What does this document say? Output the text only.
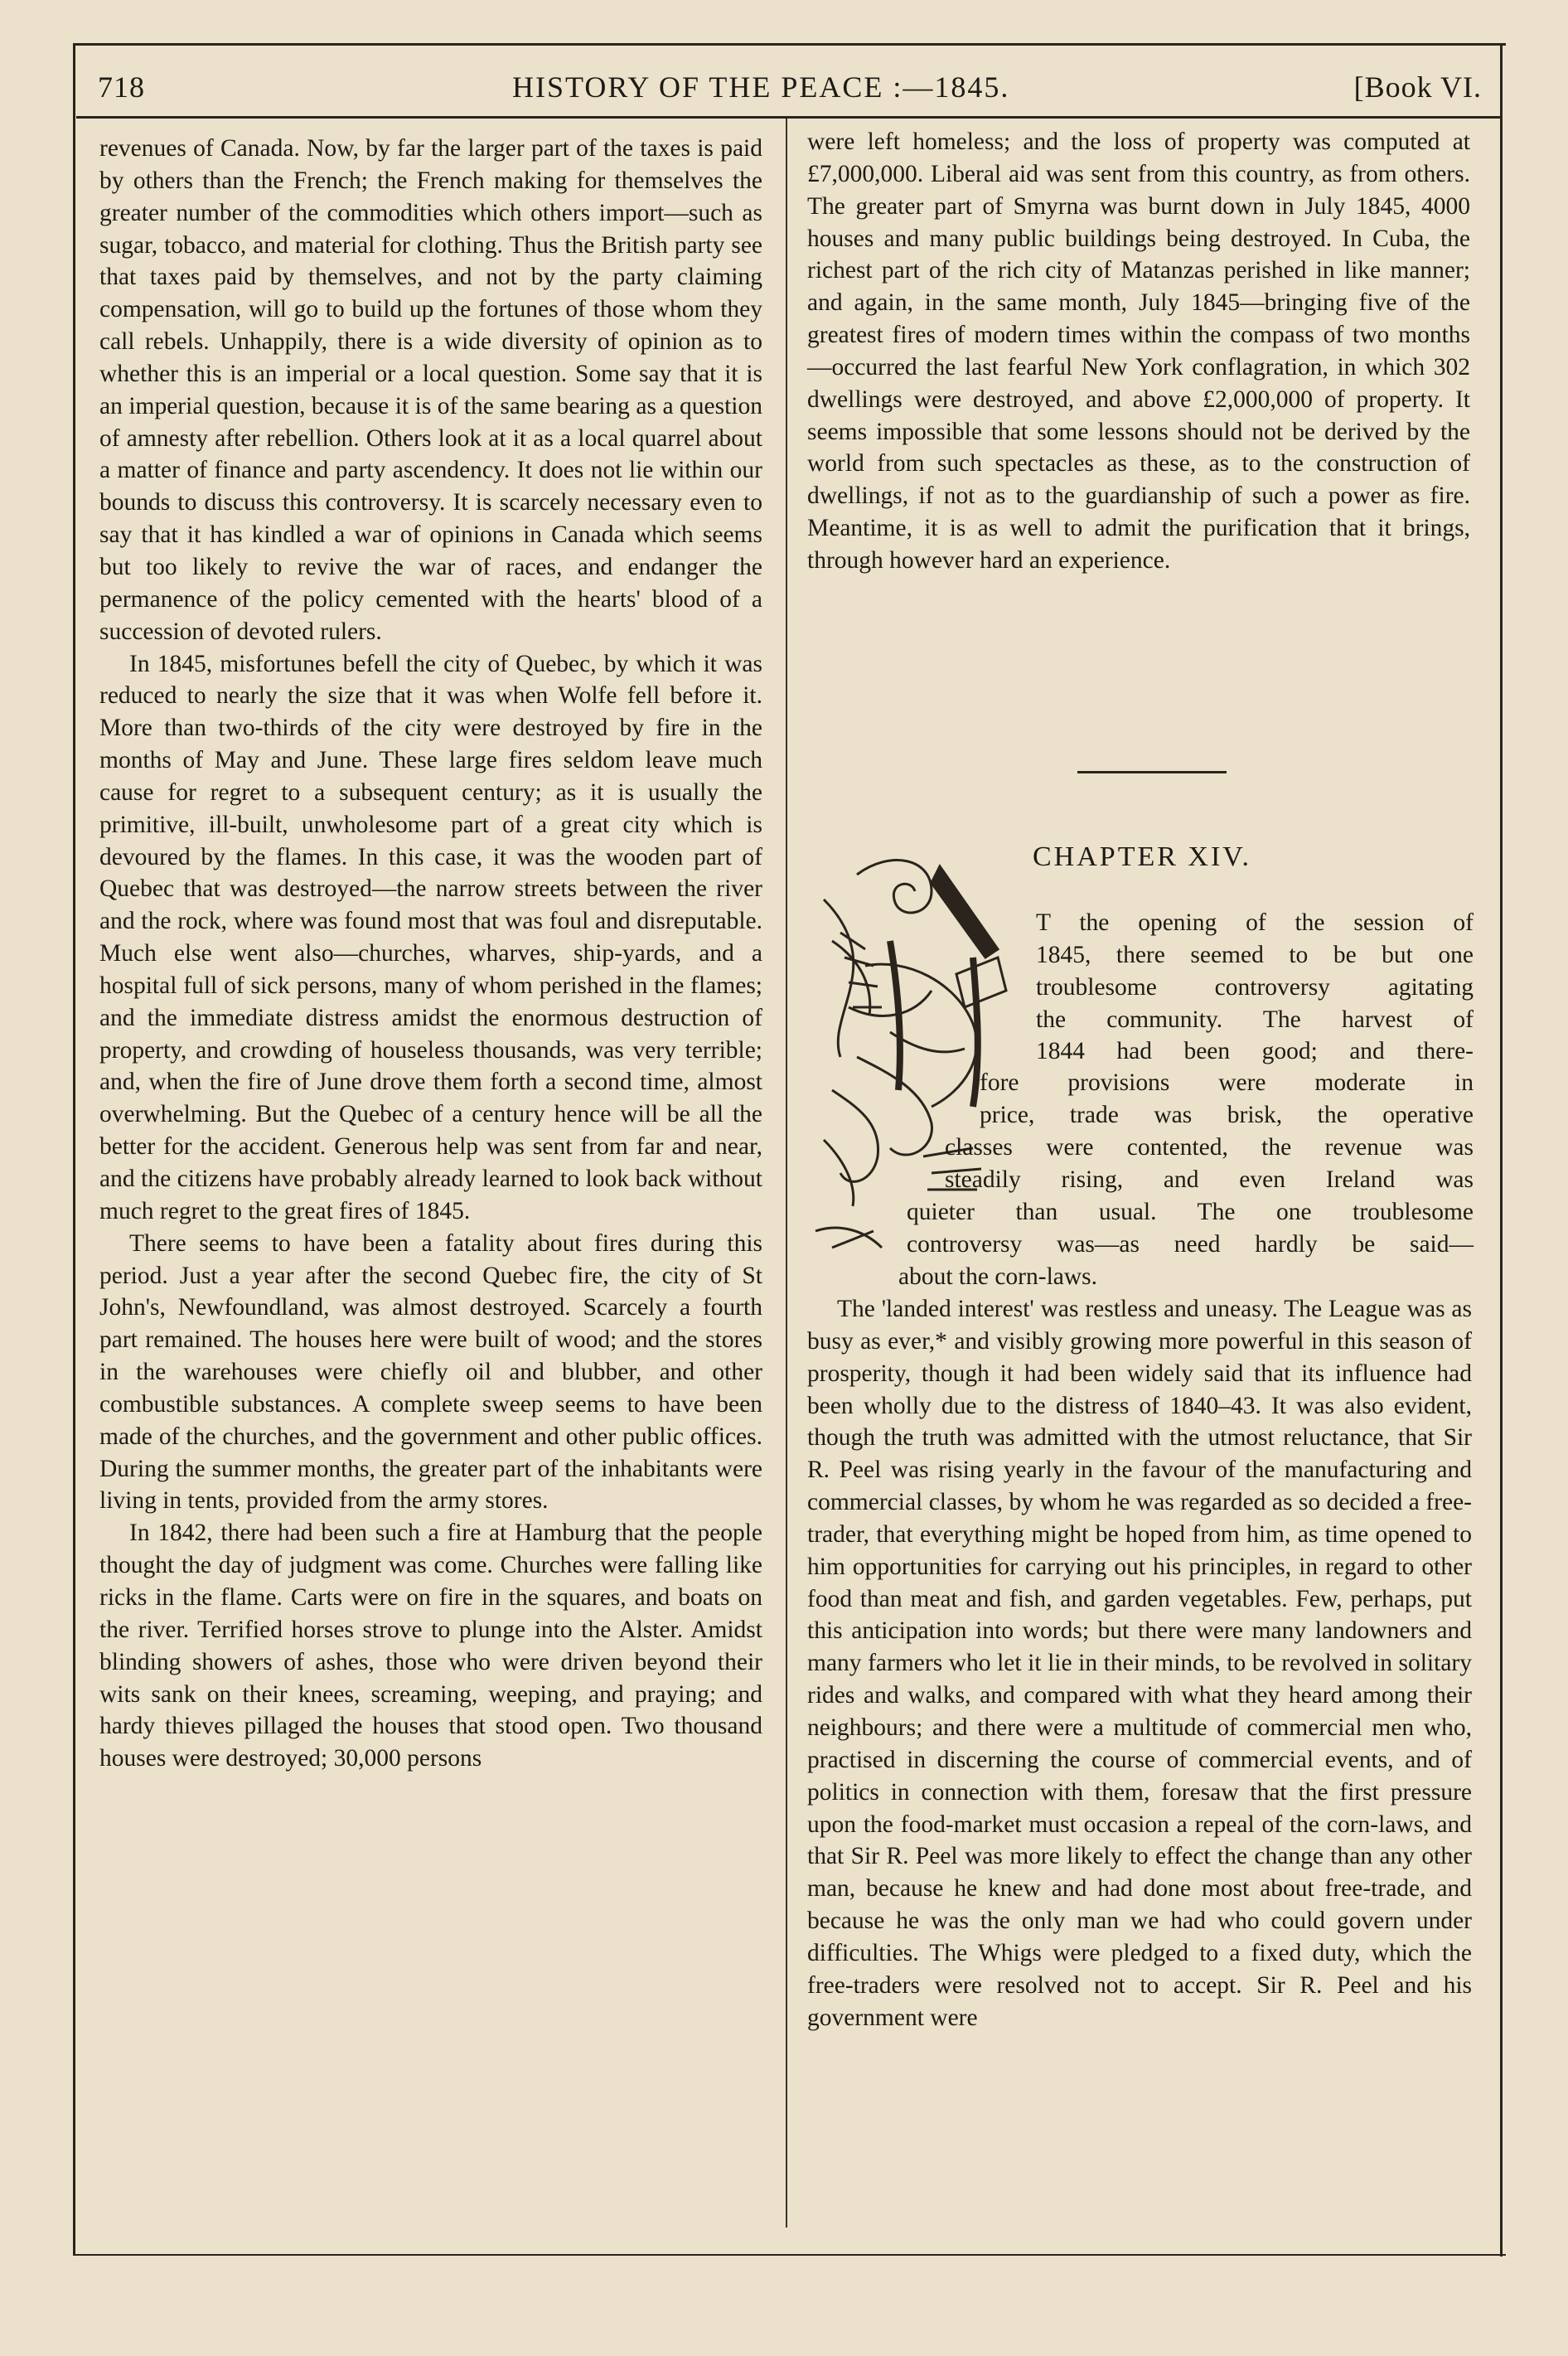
718	HISTORY OF THE PEACE :—1845.	[Book VI.

revenues of Canada. Now, by far the larger part of the taxes is paid by others than the French; the French making for themselves the greater number of the commodities which others import—such as sugar, tobacco, and material for clothing. Thus the British party see that taxes paid by themselves, and not by the party claiming compensation, will go to build up the fortunes of those whom they call rebels. Unhappily, there is a wide diversity of opinion as to whether this is an imperial or a local question. Some say that it is an imperial question, because it is of the same bearing as a question of amnesty after rebellion. Others look at it as a local quarrel about a matter of finance and party ascendency. It does not lie within our bounds to discuss this controversy. It is scarcely necessary even to say that it has kindled a war of opinions in Canada which seems but too likely to revive the war of races, and endanger the permanence of the policy cemented with the hearts' blood of a succession of devoted rulers.

In 1845, misfortunes befell the city of Quebec, by which it was reduced to nearly the size that it was when Wolfe fell before it. More than two-thirds of the city were destroyed by fire in the months of May and June. These large fires seldom leave much cause for regret to a subsequent century; as it is usually the primitive, ill-built, unwholesome part of a great city which is devoured by the flames. In this case, it was the wooden part of Quebec that was destroyed—the narrow streets between the river and the rock, where was found most that was foul and disreputable. Much else went also—churches, wharves, ship-yards, and a hospital full of sick persons, many of whom perished in the flames; and the immediate distress amidst the enormous destruction of property, and crowding of houseless thousands, was very terrible; and, when the fire of June drove them forth a second time, almost overwhelming. But the Quebec of a century hence will be all the better for the accident. Generous help was sent from far and near, and the citizens have probably already learned to look back without much regret to the great fires of 1845.

There seems to have been a fatality about fires during this period. Just a year after the second Quebec fire, the city of St John's, Newfoundland, was almost destroyed. Scarcely a fourth part remained. The houses here were built of wood; and the stores in the warehouses were chiefly oil and blubber, and other combustible substances. A complete sweep seems to have been made of the churches, and the government and other public offices. During the summer months, the greater part of the inhabitants were living in tents, provided from the army stores.

In 1842, there had been such a fire at Hamburg that the people thought the day of judgment was come. Churches were falling like ricks in the flame. Carts were on fire in the squares, and boats on the river. Terrified horses strove to plunge into the Alster. Amidst blinding showers of ashes, those who were driven beyond their wits sank on their knees, screaming, weeping, and praying; and hardy thieves pillaged the houses that stood open. Two thousand houses were destroyed; 30,000 persons

were left homeless; and the loss of property was computed at £7,000,000. Liberal aid was sent from this country, as from others. The greater part of Smyrna was burnt down in July 1845, 4000 houses and many public buildings being destroyed. In Cuba, the richest part of the rich city of Matanzas perished in like manner; and again, in the same month, July 1845—bringing five of the greatest fires of modern times within the compass of two months —occurred the last fearful New York conflagration, in which 302 dwellings were destroyed, and above £2,000,000 of property. It seems impossible that some lessons should not be derived by the world from such spectacles as these, as to the construction of dwellings, if not as to the guardianship of such a power as fire. Meantime, it is as well to admit the purification that it brings, through however hard an experience.

CHAPTER XIV.
T the opening of the session of
1845, there seemed to be but one
troublesome controversy agitating
the community. The harvest of
1844 had been good; and there-
fore provisions were moderate in
price, trade was brisk, the operative
classes were contented, the revenue was
steadily rising, and even Ireland was
quieter than usual. The one troublesome
controversy was—as need hardly be said—
about the corn-laws.

The 'landed interest' was restless and uneasy. The League was as busy as ever,* and visibly growing more powerful in this season of prosperity, though it had been widely said that its influence had been wholly due to the distress of 1840–43. It was also evident, though the truth was admitted with the utmost reluctance, that Sir R. Peel was rising yearly in the favour of the manufacturing and commercial classes, by whom he was regarded as so decided a free-trader, that everything might be hoped from him, as time opened to him opportunities for carrying out his principles, in regard to other food than meat and fish, and garden vegetables. Few, perhaps, put this anticipation into words; but there were many landowners and many farmers who let it lie in their minds, to be revolved in solitary rides and walks, and compared with what they heard among their neighbours; and there were a multitude of commercial men who, practised in discerning the course of commercial events, and of politics in connection with them, foresaw that the first pressure upon the food-market must occasion a repeal of the corn-laws, and that Sir R. Peel was more likely to effect the change than any other man, because he knew and had done most about free-trade, and because he was the only man we had who could govern under difficulties. The Whigs were pledged to a fixed duty, which the free-traders were resolved not to accept. Sir R. Peel and his government were
